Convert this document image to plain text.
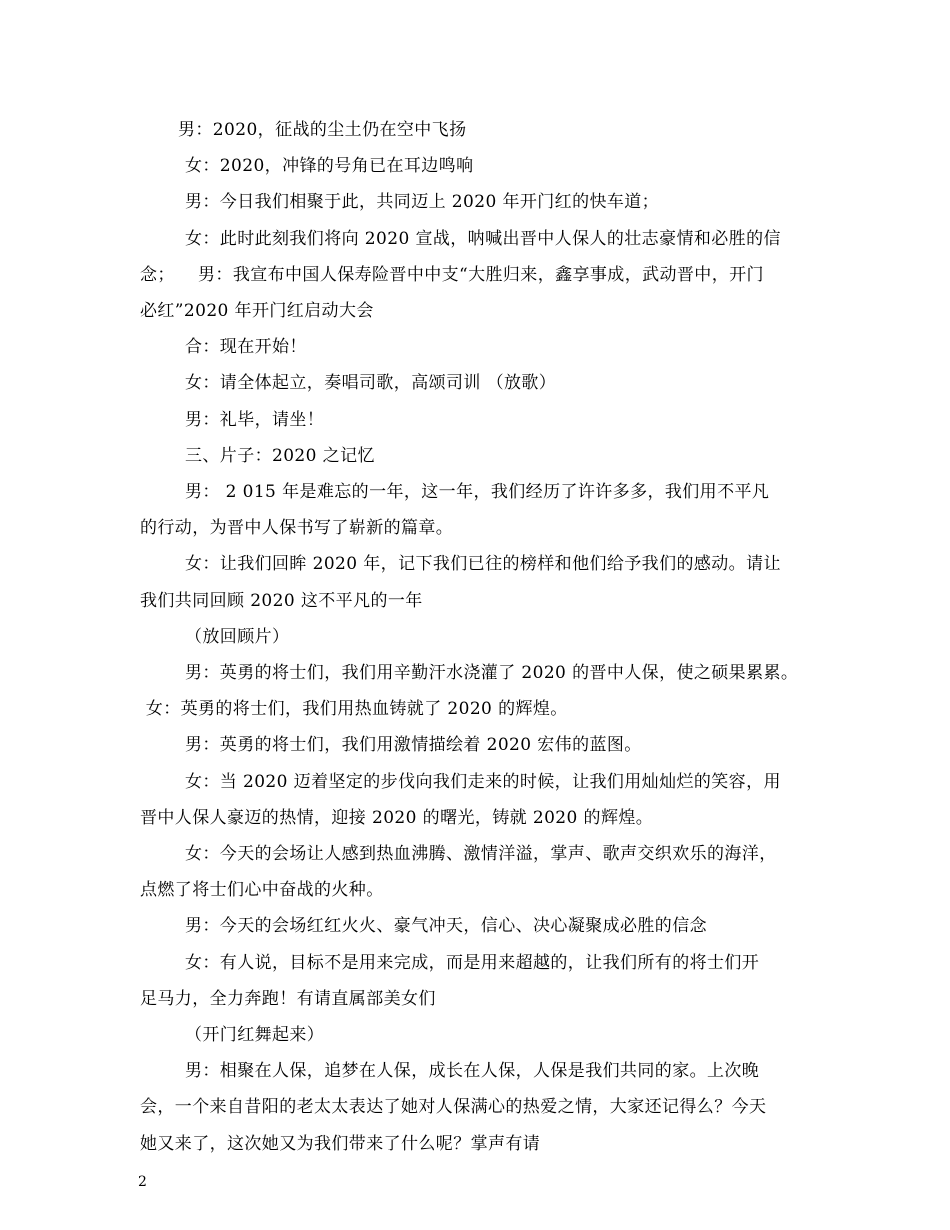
男：2020，征战的尘土仍在空中飞扬
女：2020，冲锋的号角已在耳边鸣响
男：今日我们相聚于此，共同迈上 2020 年开门红的快车道；
女：此时此刻我们将向 2020 宣战，呐喊出晋中人保人的壮志豪情和必胜的信
念；    男：我宣布中国人保寿险晋中中支“大胜归来，鑫享事成，武动晋中，开门
必红”2020 年开门红启动大会
合：现在开始！
女：请全体起立，奏唱司歌，高颂司训 （放歌）
男：礼毕，请坐！
三、片子：2020 之记忆
男： 2 015 年是难忘的一年，这一年，我们经历了许许多多，我们用不平凡
的行动，为晋中人保书写了崭新的篇章。
女：让我们回眸 2020 年，记下我们已往的榜样和他们给予我们的感动。请让
我们共同回顾 2020 这不平凡的一年
（放回顾片）
男：英勇的将士们，我们用辛勤汗水浇灌了 2020 的晋中人保，使之硕果累累。
女：英勇的将士们，我们用热血铸就了 2020 的辉煌。
男：英勇的将士们，我们用激情描绘着 2020 宏伟的蓝图。
女：当 2020 迈着坚定的步伐向我们走来的时候，让我们用灿灿烂的笑容，用
晋中人保人豪迈的热情，迎接 2020 的曙光，铸就 2020 的辉煌。
女：今天的会场让人感到热血沸腾、激情洋溢，掌声、歌声交织欢乐的海洋，
点燃了将士们心中奋战的火种。
男：今天的会场红红火火、豪气冲天，信心、决心凝聚成必胜的信念
女：有人说，目标不是用来完成，而是用来超越的，让我们所有的将士们开
足马力，全力奔跑！有请直属部美女们
（开门红舞起来）
男：相聚在人保，追梦在人保，成长在人保，人保是我们共同的家。上次晚
会，一个来自昔阳的老太太表达了她对人保满心的热爱之情，大家还记得么？今天
她又来了，这次她又为我们带来了什么呢？掌声有请
2
